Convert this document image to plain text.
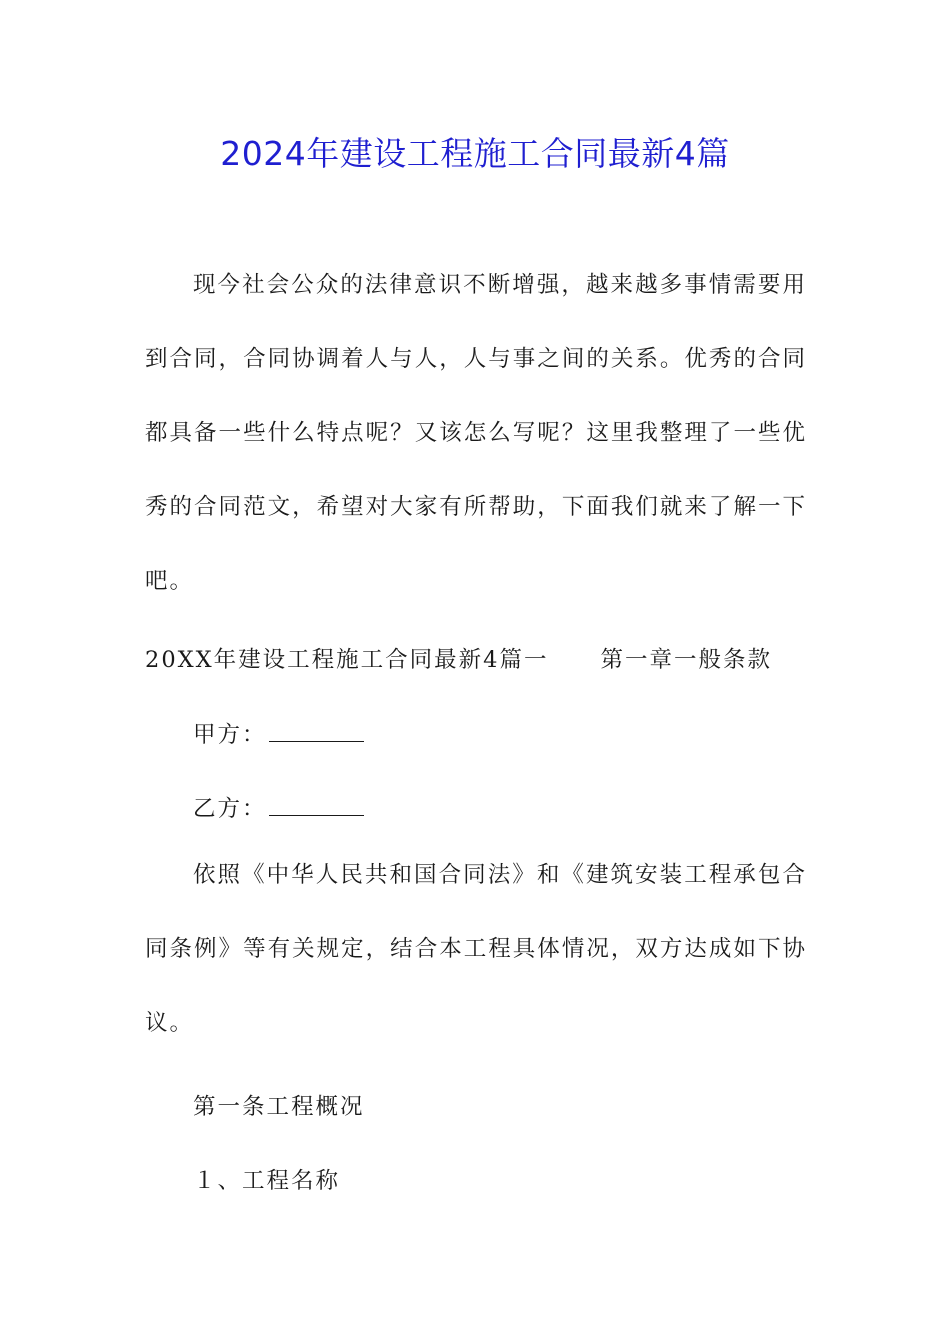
2024年建设工程施工合同最新4篇
现今社会公众的法律意识不断增强，越来越多事情需要用到合同，合同协调着人与人，人与事之间的关系。优秀的合同都具备一些什么特点呢？又该怎么写呢？这里我整理了一些优秀的合同范文，希望对大家有所帮助，下面我们就来了解一下吧。
20XX年建设工程施工合同最新4篇一 第一章一般条款
甲方：
乙方：
依照《中华人民共和国合同法》和《建筑安装工程承包合同条例》等有关规定，结合本工程具体情况，双方达成如下协议。
第一条工程概况
１、工程名称
